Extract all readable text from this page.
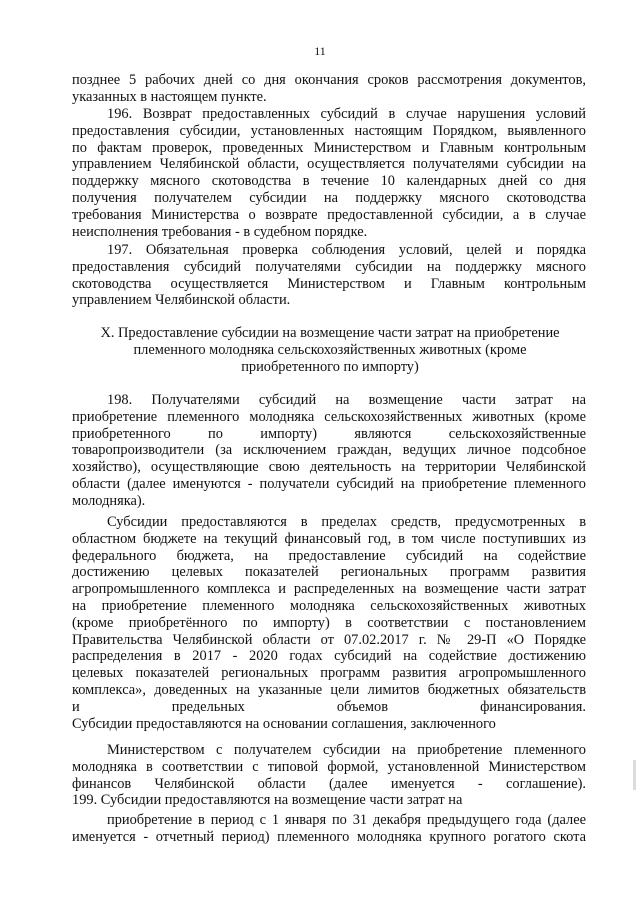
11
позднее 5 рабочих дней со дня окончания сроков рассмотрения документов,
указанных в настоящем пункте.
196. Возврат предоставленных субсидий в случае нарушения условий
предоставления субсидии, установленных настоящим Порядком, выявленного
по фактам проверок, проведенных Министерством и Главным контрольным
управлением Челябинской области, осуществляется получателями субсидии на
поддержку мясного скотоводства в течение 10 календарных дней со дня
получения получателем субсидии на поддержку мясного скотоводства
требования Министерства о возврате предоставленной субсидии, а в случае
неисполнения требования - в судебном порядке.
197. Обязательная проверка соблюдения условий, целей и порядка
предоставления субсидий получателями субсидии на поддержку мясного
скотоводства осуществляется Министерством и Главным контрольным
управлением Челябинской области.
X. Предоставление субсидии на возмещение части затрат на приобретение
племенного молодняка сельскохозяйственных животных (кроме
приобретенного по импорту)
198. Получателями субсидий на возмещение части затрат на
приобретение племенного молодняка сельскохозяйственных животных (кроме
приобретенного по импорту) являются сельскохозяйственные
товаропроизводители (за исключением граждан, ведущих личное подсобное
хозяйство), осуществляющие свою деятельность на территории Челябинской
области (далее именуются - получатели субсидий на приобретение племенного
молодняка).
Субсидии предоставляются в пределах средств, предусмотренных в
областном бюджете на текущий финансовый год, в том числе поступивших из
федерального бюджета, на предоставление субсидий на содействие
достижению целевых показателей региональных программ развития
агропромышленного комплекса и распределенных на возмещение части затрат
на приобретение племенного молодняка сельскохозяйственных животных
(кроме приобретённого по импорту) в соответствии с постановлением
Правительства Челябинской области от 07.02.2017 г. № 29-П «О Порядке
распределения в 2017 - 2020 годах субсидий на содействие достижению
целевых показателей региональных программ развития агропромышленного
комплекса», доведенных на указанные цели лимитов бюджетных обязательств
и предельных объемов финансирования.
Субсидии предоставляются на основании соглашения, заключенного
Министерством с получателем субсидии на приобретение племенного
молодняка в соответствии с типовой формой, установленной Министерством
финансов Челябинской области (далее именуется - соглашение).
199. Субсидии предоставляются на возмещение части затрат на
приобретение в период с 1 января по 31 декабря предыдущего года (далее
именуется - отчетный период) племенного молодняка крупного рогатого скота
